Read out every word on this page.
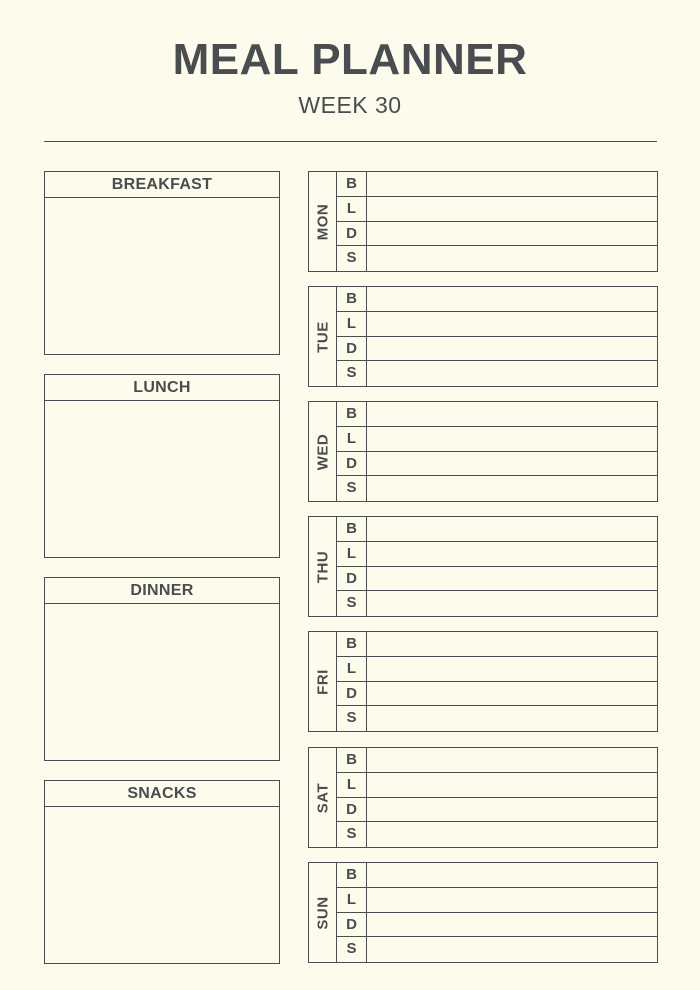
MEAL PLANNER
WEEK 30
BREAKFAST
LUNCH
DINNER
SNACKS
MON
B
L
D
S
TUE
B
L
D
S
WED
B
L
D
S
THU
B
L
D
S
FRI
B
L
D
S
SAT
B
L
D
S
SUN
B
L
D
S
